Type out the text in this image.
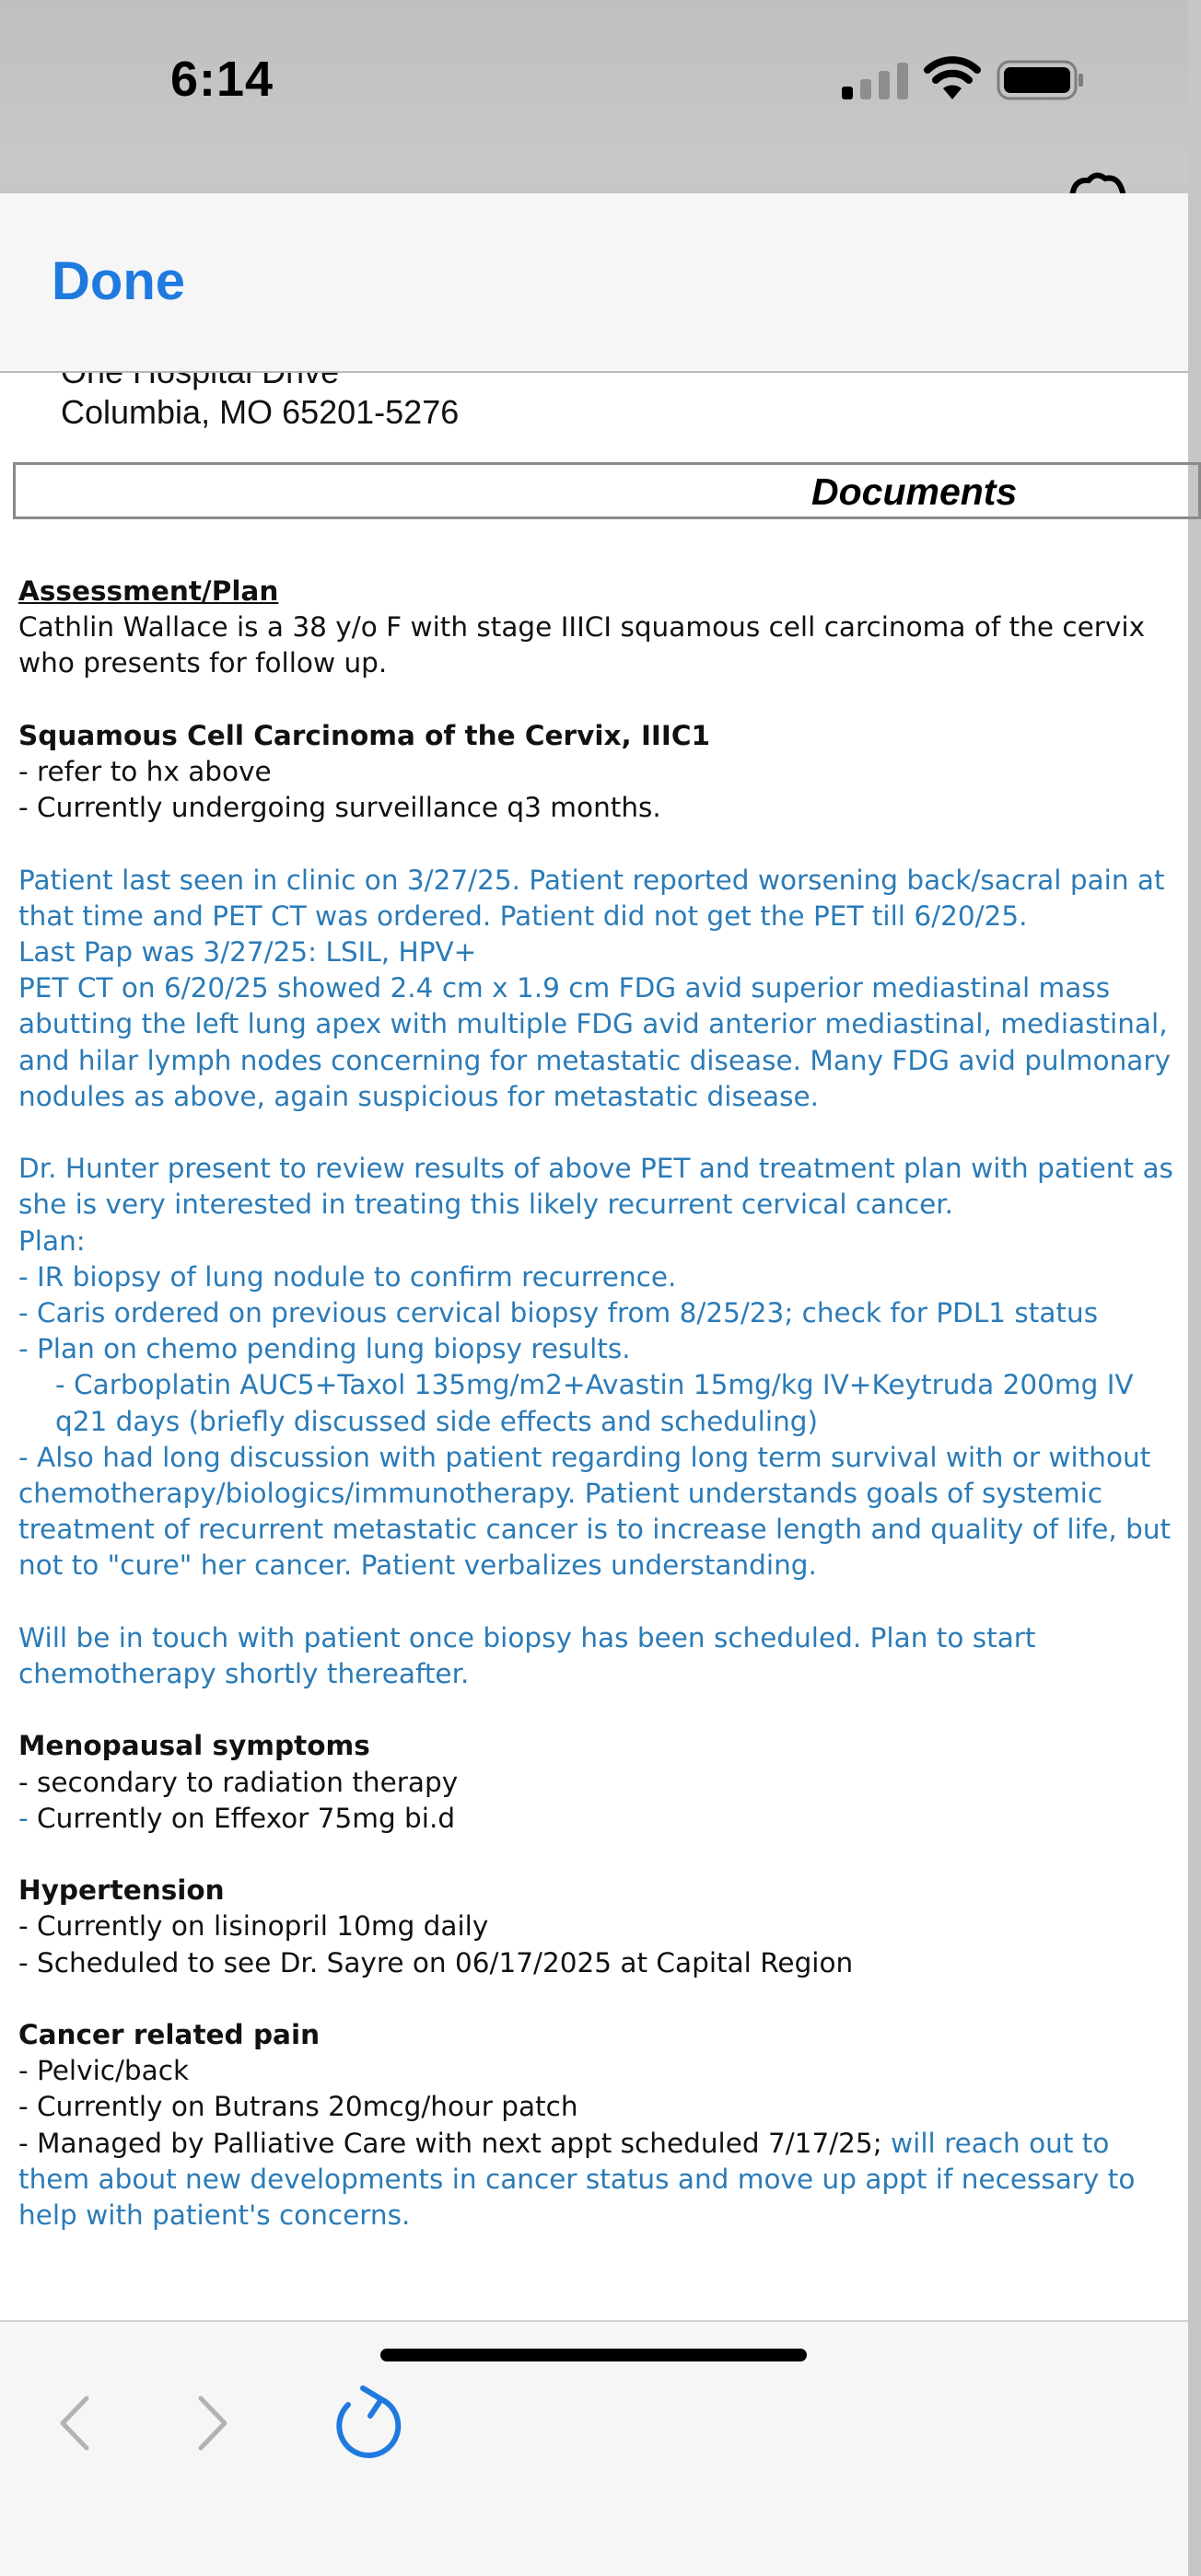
6:14
Done
Columbia, MO 65201-5276
Documents

Assessment/Plan

Cathlin Wallace is a 38 y/o F with stage IIICI squamous cell carcinoma of the cervix who presents for follow up.

Squamous Cell Carcinoma of the Cervix, IIIC1

- refer to hx above

- Currently undergoing surveillance q3 months.

Patient last seen in clinic on 3/27/25. Patient reported worsening back/sacral pain at that time and PET CT was ordered. Patient did not get the PET till 6/20/25.

Last Pap was 3/27/25: LSIL, HPV+

PET CT on 6/20/25 showed 2.4 cm x 1.9 cm FDG avid superior mediastinal mass abutting the left lung apex with multiple FDG avid anterior mediastinal, mediastinal, and hilar lymph nodes concerning for metastatic disease. Many FDG avid pulmonary nodules as above, again suspicious for metastatic disease.

Dr. Hunter present to review results of above PET and treatment plan with patient as she is very interested in treating this likely recurrent cervical cancer.

Plan:

- IR biopsy of lung nodule to confirm recurrence.

- Caris ordered on previous cervical biopsy from 8/25/23; check for PDL1 status

- Plan on chemo pending lung biopsy results.

- Carboplatin AUC5+Taxol 135mg/m2+Avastin 15mg/kg IV+Keytruda 200mg IV q21 days (briefly discussed side effects and scheduling)

- Also had long discussion with patient regarding long term survival with or without chemotherapy/biologics/immunotherapy. Patient understands goals of systemic treatment of recurrent metastatic cancer is to increase length and quality of life, but not to "cure" her cancer. Patient verbalizes understanding.

Will be in touch with patient once biopsy has been scheduled. Plan to start chemotherapy shortly thereafter.

Menopausal symptoms

- secondary to radiation therapy

- Currently on Effexor 75mg bi.d

Hypertension

- Currently on lisinopril 10mg daily

- Scheduled to see Dr. Sayre on 06/17/2025 at Capital Region

Cancer related pain

- Pelvic/back

- Currently on Butrans 20mcg/hour patch

- Managed by Palliative Care with next appt scheduled 7/17/25; will reach out to them about new developments in cancer status and move up appt if necessary to help with patient's concerns.
